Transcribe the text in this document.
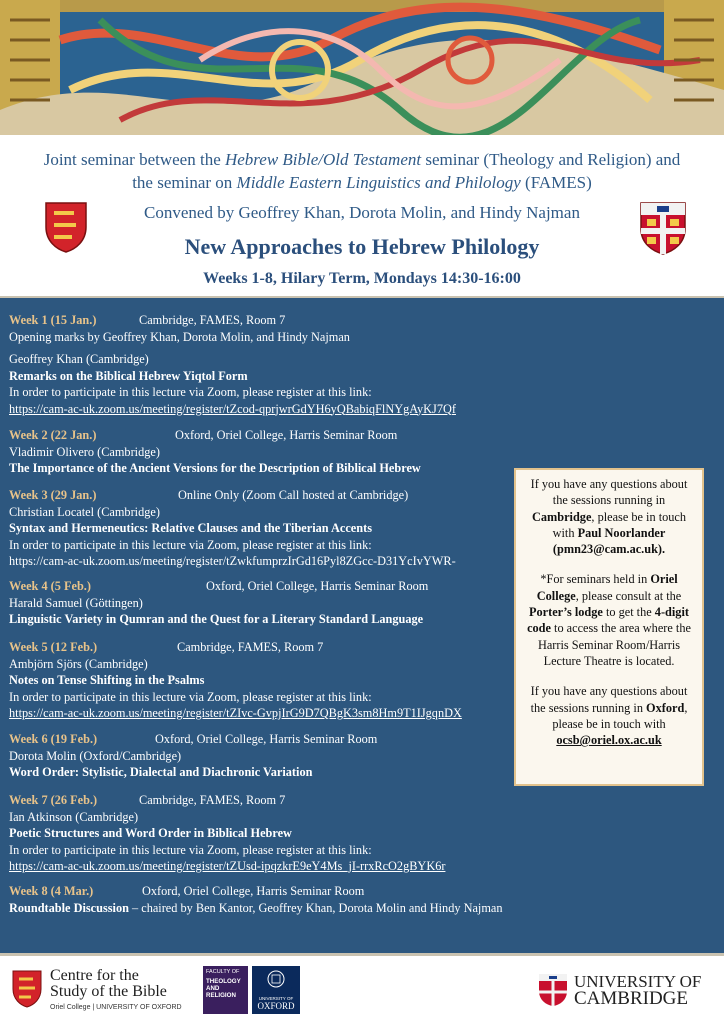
Joint seminar between the Hebrew Bible/Old Testament seminar (Theology and Religion) and
the seminar on Middle Eastern Linguistics and Philology (FAMES)
Convened by Geoffrey Khan, Dorota Molin, and Hindy Najman
New Approaches to Hebrew Philology
Weeks 1-8, Hilary Term, Mondays 14:30-16:00
Week 1 (15 Jan.)	Cambridge, FAMES, Room 7
Opening marks by Geoffrey Khan, Dorota Molin, and Hindy Najman
Geoffrey Khan (Cambridge)
Remarks on the Biblical Hebrew Yiqtol Form
In order to participate in this lecture via Zoom, please register at this link:
https://cam-ac-uk.zoom.us/meeting/register/tZcod-qprjwrGdYH6yQBabiqFlNYgAyKJ7Qf
Week 2 (22 Jan.)	Oxford, Oriel College, Harris Seminar Room
Vladimir Olivero (Cambridge)
The Importance of the Ancient Versions for the Description of Biblical Hebrew
Week 3 (29 Jan.)	Online Only (Zoom Call hosted at Cambridge)
Christian Locatel (Cambridge)
Syntax and Hermeneutics: Relative Clauses and the Tiberian Accents
In order to participate in this lecture via Zoom, please register at this link:
https://cam-ac-uk.zoom.us/meeting/register/tZwkfumprzIrGd16Pyl8ZGcc-D31YcIvYWR-
Week 4 (5 Feb.)	Oxford, Oriel College, Harris Seminar Room
Harald Samuel (Göttingen)
Linguistic Variety in Qumran and the Quest for a Literary Standard Language
Week 5 (12 Feb.)	Cambridge, FAMES, Room 7
Ambjörn Sjörs (Cambridge)
Notes on Tense Shifting in the Psalms
In order to participate in this lecture via Zoom, please register at this link:
https://cam-ac-uk.zoom.us/meeting/register/tZIvc-GvpjIrG9D7QBgK3sm8Hm9T1IJgqnDX
Week 6 (19 Feb.)	Oxford, Oriel College, Harris Seminar Room
Dorota Molin (Oxford/Cambridge)
Word Order: Stylistic, Dialectal and Diachronic Variation
Week 7 (26 Feb.)	Cambridge, FAMES, Room 7
Ian Atkinson (Cambridge)
Poetic Structures and Word Order in Biblical Hebrew
In order to participate in this lecture via Zoom, please register at this link:
https://cam-ac-uk.zoom.us/meeting/register/tZUsd-ipqzkrE9eY4Ms_jI-rrxRcO2gBYK6r
Week 8 (4 Mar.)	Oxford, Oriel College, Harris Seminar Room
Roundtable Discussion – chaired by Ben Kantor, Geoffrey Khan, Dorota Molin and Hindy Najman

If you have any questions about the sessions running in Cambridge, please be in touch with Paul Noorlander (pmn23@cam.ac.uk).

*For seminars held in Oriel College, please consult at the Porter’s lodge to get the 4-digit code to access the area where the Harris Seminar Room/Harris Lecture Theatre is located.

If you have any questions about the sessions running in Oxford, please be in touch with ocsb@oriel.ox.ac.uk

Centre for the
Study of the Bible
Oriel College | UNIVERSITY OF OXFORD
FACULTY OF
THEOLOGY
AND
RELIGION	UNIVERSITY OF
OXFORD
UNIVERSITY OF
CAMBRIDGE
